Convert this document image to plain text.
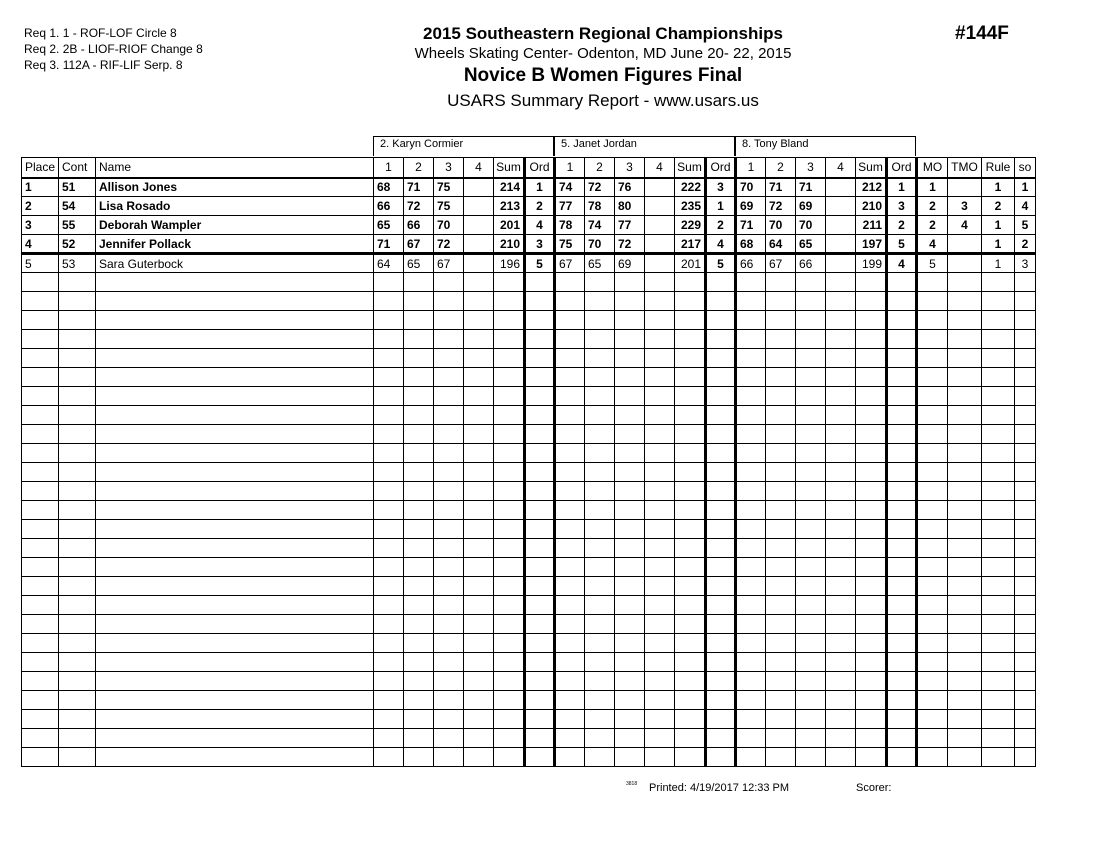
Req 1. 1 - ROF-LOF Circle 8
Req 2. 2B - LIOF-RIOF Change 8
Req 3. 112A - RIF-LIF Serp. 8
2015 Southeastern Regional Championships
Wheels Skating Center- Odenton, MD June 20- 22, 2015
Novice B Women Figures Final
USARS Summary Report - www.usars.us
#144F
2. Karyn Cormier	5. Janet Jordan	8. Tony Bland
Place	Cont	Name	1	2	3	4	Sum	Ord	1	2	3	4	Sum	Ord	1	2	3	4	Sum	Ord	MO	TMO	Rule	so
1	51	Allison Jones	68	71	75		214	1	74	72	76		222	3	70	71	71		212	1	1		1	1
2	54	Lisa Rosado	66	72	75		213	2	77	78	80		235	1	69	72	69		210	3	2	3	2	4
3	55	Deborah Wampler	65	66	70		201	4	78	74	77		229	2	71	70	70		211	2	2	4	1	5
4	52	Jennifer Pollack	71	67	72		210	3	75	70	72		217	4	68	64	65		197	5	4		1	2
5	53	Sara Guterbock	64	65	67		196	5	67	65	69		201	5	66	67	66		199	4	5		1	3

3818 Printed: 4/19/2017 12:33 PM	Scorer:
